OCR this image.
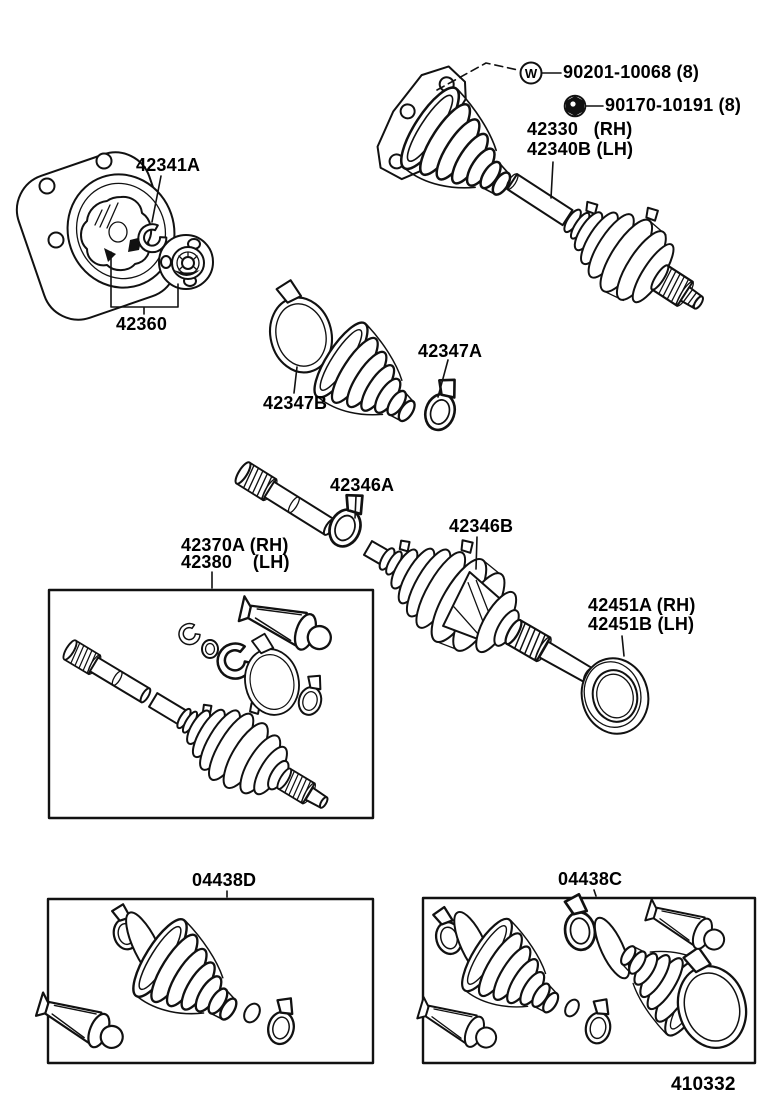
W 90201-10068 (8)
90170-10191 (8)
42330   (RH)
42340B (LH)
42341A
42360
42347A
42347B
42346A
42346B
42370A (RH)
42380    (LH)
42451A (RH)
42451B (LH)
04438D	04438C
410332
